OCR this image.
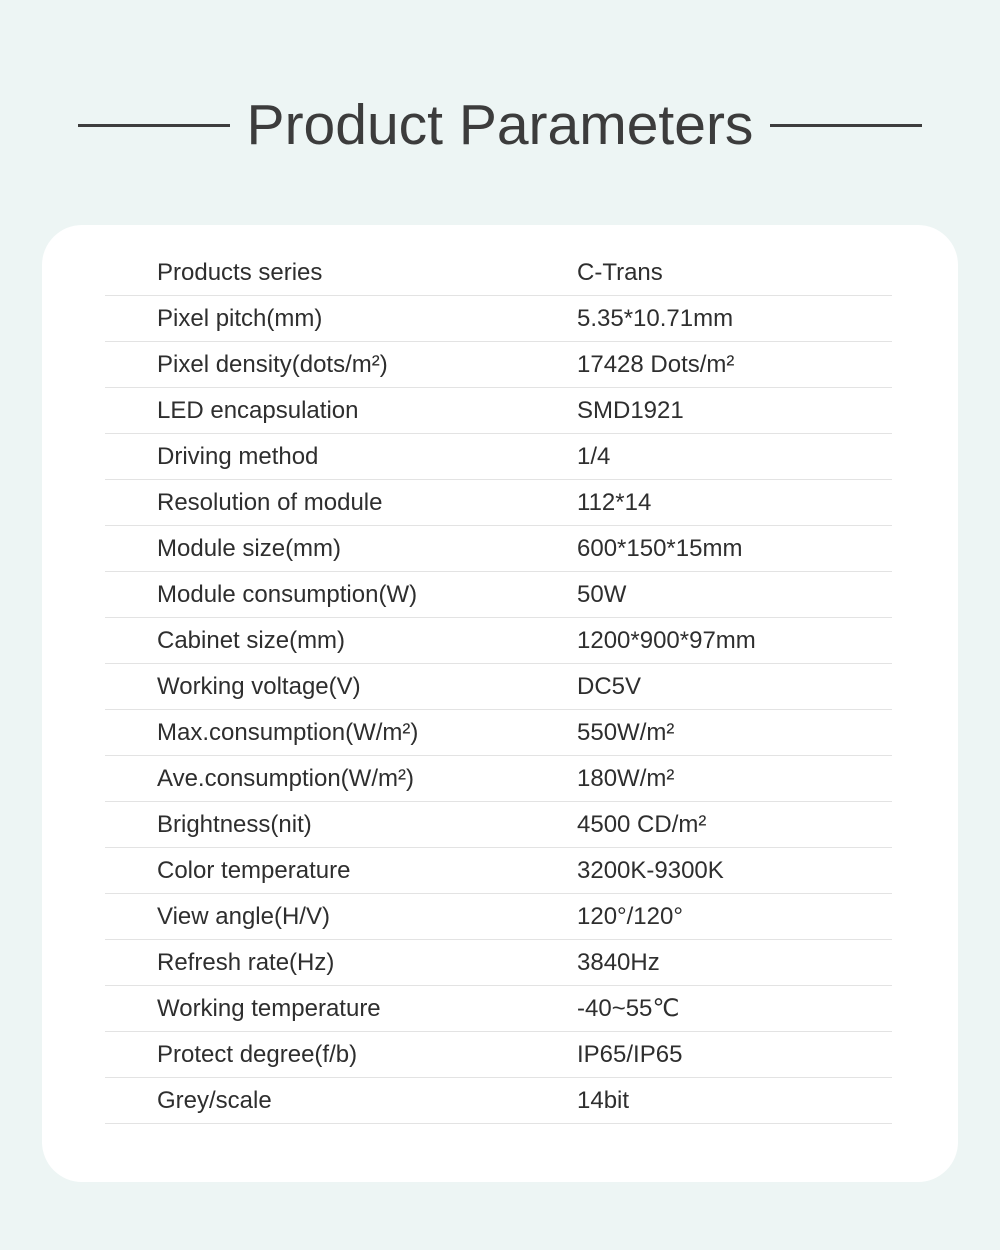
Product Parameters
Products series	C-Trans
Pixel pitch(mm)	5.35*10.71mm
Pixel density(dots/m²)	17428 Dots/m²
LED encapsulation	SMD1921
Driving method	1/4
Resolution of module	112*14
Module size(mm)	600*150*15mm
Module consumption(W)	50W
Cabinet size(mm)	1200*900*97mm
Working voltage(V)	DC5V
Max.consumption(W/m²)	550W/m²
Ave.consumption(W/m²)	180W/m²
Brightness(nit)	4500 CD/m²
Color temperature	3200K-9300K
View angle(H/V)	120°/120°
Refresh rate(Hz)	3840Hz
Working temperature	-40~55℃
Protect degree(f/b)	IP65/IP65
Grey/scale	14bit
